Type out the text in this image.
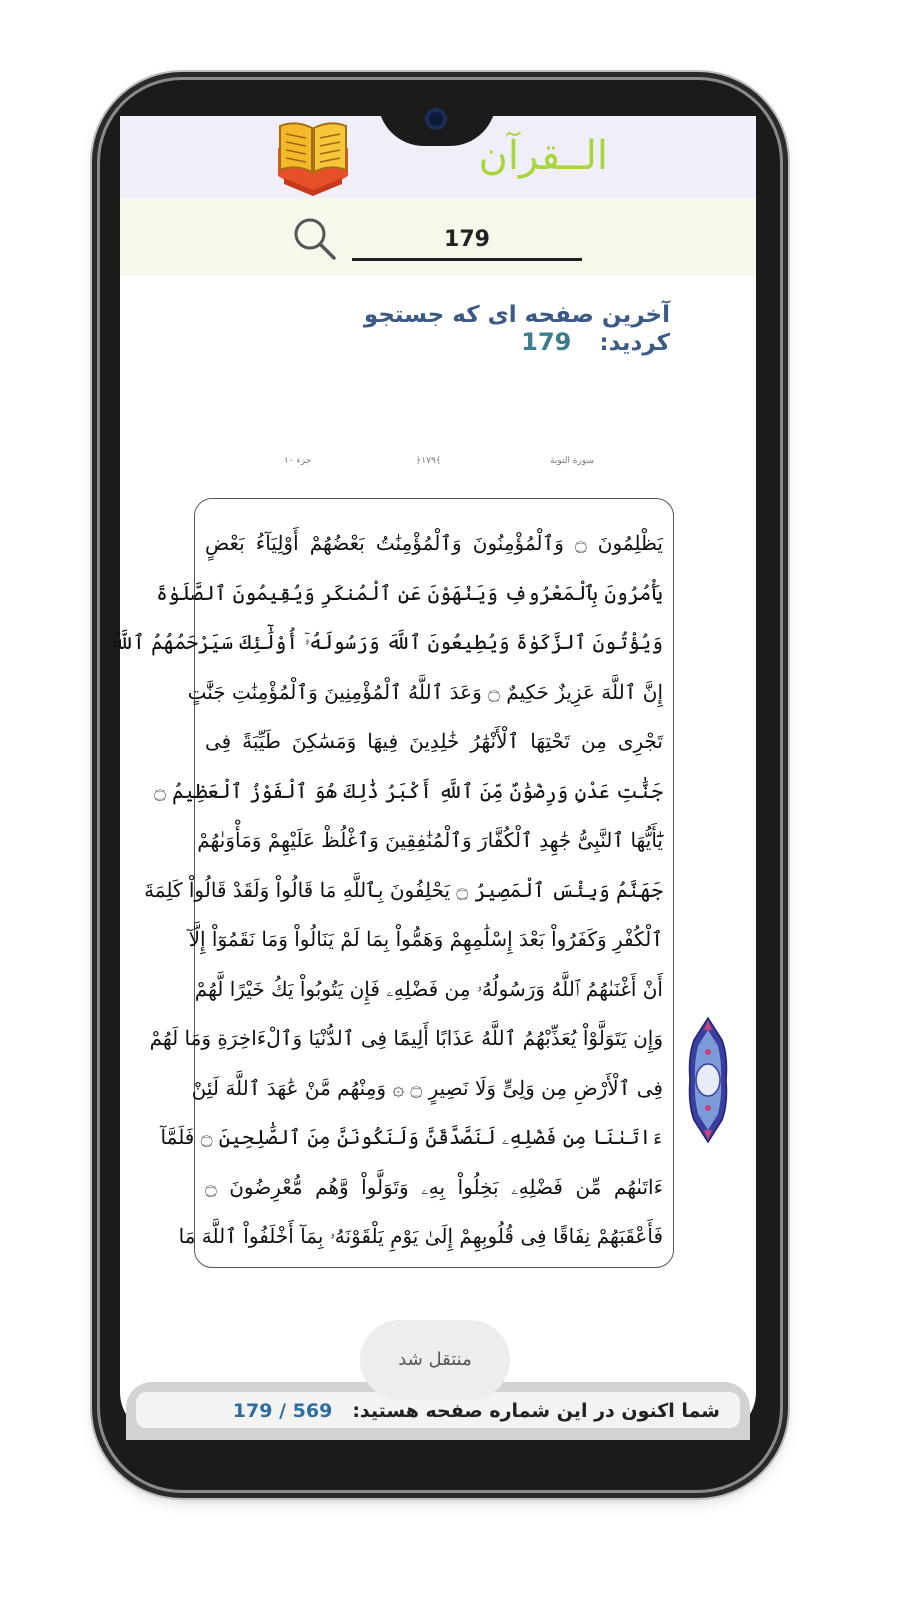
الــقرآن
179
آخرین صفحه ای که جستجو کردید:179
جزء ۱۰	﴿۱۷۹﴾	سورة التوبة
يَظْلِمُونَ ۝ وَٱلْمُؤْمِنُونَ وَٱلْمُؤْمِنَٰتُ بَعْضُهُمْ أَوْلِيَآءُ بَعْضٍ
يَأْمُرُونَ بِٱلْمَعْرُوفِ وَيَنْهَوْنَ عَنِ ٱلْمُنكَرِ وَيُقِيمُونَ ٱلصَّلَوٰةَ
وَيُؤْتُونَ ٱلزَّكَوٰةَ وَيُطِيعُونَ ٱللَّهَ وَرَسُولَهُۥٓ أُوْلَٰٓئِكَ سَيَرْحَمُهُمُ ٱللَّهُ
إِنَّ ٱللَّهَ عَزِيزٌ حَكِيمٌ ۝ وَعَدَ ٱللَّهُ ٱلْمُؤْمِنِينَ وَٱلْمُؤْمِنَٰتِ جَنَّٰتٍ
تَجْرِى مِن تَحْتِهَا ٱلْأَنْهَٰرُ خَٰلِدِينَ فِيهَا وَمَسَٰكِنَ طَيِّبَةً فِى
جَنَّٰتِ عَدْنٍ وَرِضْوَٰنٌ مِّنَ ٱللَّهِ أَكْبَرُ ذَٰلِكَ هُوَ ٱلْفَوْزُ ٱلْعَظِيمُ ۝
يَٰٓأَيُّهَا ٱلنَّبِىُّ جَٰهِدِ ٱلْكُفَّارَ وَٱلْمُنَٰفِقِينَ وَٱغْلُظْ عَلَيْهِمْ وَمَأْوَىٰهُمْ
جَهَنَّمُ وَبِئْسَ ٱلْمَصِيرُ ۝ يَحْلِفُونَ بِٱللَّهِ مَا قَالُواْ وَلَقَدْ قَالُواْ كَلِمَةَ
ٱلْكُفْرِ وَكَفَرُواْ بَعْدَ إِسْلَٰمِهِمْ وَهَمُّواْ بِمَا لَمْ يَنَالُواْ وَمَا نَقَمُوٓاْ إِلَّآ
أَنْ أَغْنَىٰهُمُ ٱللَّهُ وَرَسُولُهُۥ مِن فَضْلِهِۦ فَإِن يَتُوبُواْ يَكُ خَيْرًا لَّهُمْ
وَإِن يَتَوَلَّوْاْ يُعَذِّبْهُمُ ٱللَّهُ عَذَابًا أَلِيمًا فِى ٱلدُّنْيَا وَٱلْءَاخِرَةِ وَمَا لَهُمْ
فِى ٱلْأَرْضِ مِن وَلِىٍّ وَلَا نَصِيرٍ ۝ ۞ وَمِنْهُم مَّنْ عَٰهَدَ ٱللَّهَ لَئِنْ
ءَاتَىٰنَا مِن فَضْلِهِۦ لَنَصَّدَّقَنَّ وَلَنَكُونَنَّ مِنَ ٱلصَّٰلِحِينَ ۝ فَلَمَّآ
ءَاتَىٰهُم مِّن فَضْلِهِۦ بَخِلُواْ بِهِۦ وَتَوَلَّواْ وَّهُم مُّعْرِضُونَ ۝
فَأَعْقَبَهُمْ نِفَاقًا فِى قُلُوبِهِمْ إِلَىٰ يَوْمِ يَلْقَوْنَهُۥ بِمَآ أَخْلَفُواْ ٱللَّهَ مَا
شما اکنون در این شماره صفحه هستید:569 / 179
منتقل شد
